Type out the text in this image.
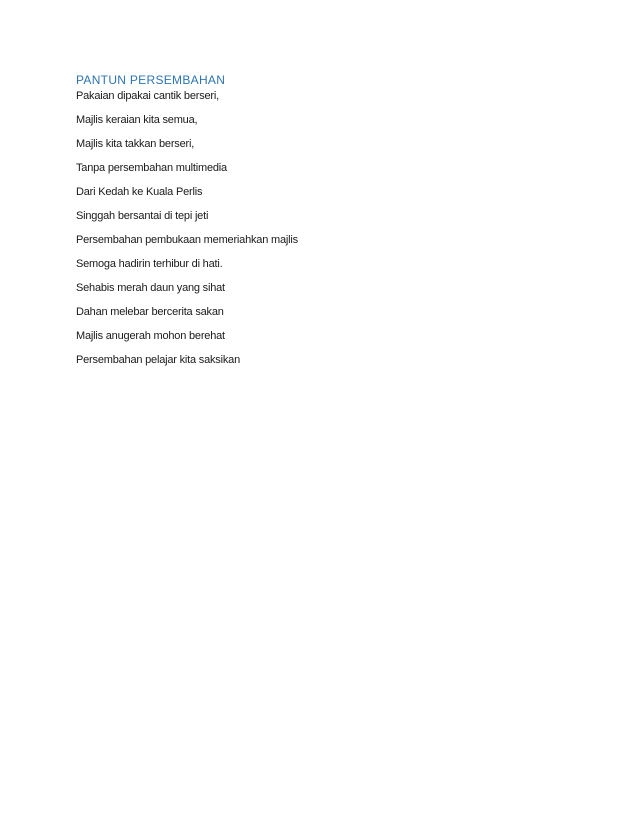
PANTUN PERSEMBAHAN
Pakaian dipakai cantik berseri,
Majlis keraian kita semua,
Majlis kita takkan berseri,
Tanpa persembahan multimedia
Dari Kedah ke Kuala Perlis
Singgah bersantai di tepi jeti
Persembahan pembukaan memeriahkan majlis
Semoga hadirin terhibur di hati.
Sehabis merah daun yang sihat
Dahan melebar bercerita sakan
Majlis anugerah mohon berehat
Persembahan pelajar kita saksikan
